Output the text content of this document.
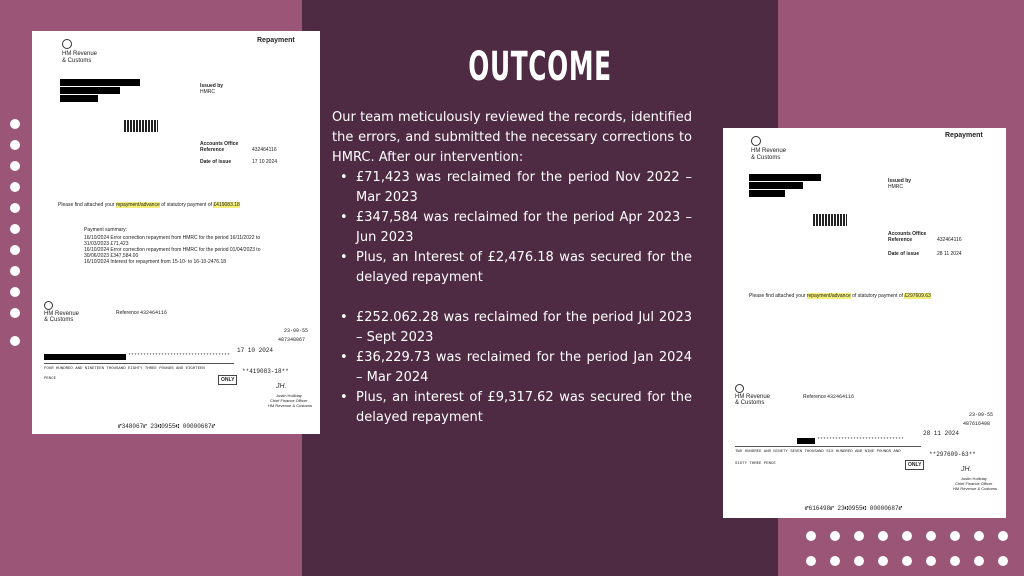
OUTCOME

Our team meticulously reviewed the records, identified the errors, and submitted the necessary corrections to HMRC. After our intervention:

• £71,423 was reclaimed for the period Nov 2022 – Mar 2023
• £347,584 was reclaimed for the period Apr 2023 – Jun 2023
• Plus, an Interest of £2,476.18 was secured for the delayed repayment
• £252.062.28 was reclaimed for the period Jul 2023 – Sept 2023
• £36,229.73 was reclaimed for the period Jan 2024 – Mar 2024
• Plus, an interest of £9,317.62 was secured for the delayed repayment
HM Revenue
& Customs
Repayment
Issued by
HMRC
Accounts Office
Reference	432464116
Date of issue	17 10 2024
Please find attached your repayment/advance of statutory payment of £419083.18
Payment summary:
16/10/2024 Error correction repayment from HMRC for the period 16/11/2022 to
31/03/2023 £71,423
16/10/2024 Error correction repayment from HMRC for the period 01/04/2023 to
30/06/2023 £347,584.00
16/10/2024 Interest for repayment from 15-10- to 16-10-2476.18
HM Revenue
& Customs
Reference 432464116
23-09-55
487348067
17 10 2024
**********************************
FOUR HUNDRED AND NINETEEN THOUSAND EIGHTY THREE POUNDS AND EIGHTEEN
PENCE	ONLY
**419083-18**
JH.
Justin Holliday
Chief Finance Officer
HM Revenue & Customs
⑈348067⑈ 23⑆0955⑆ 00000687⑈
HM Revenue
& Customs
Repayment
Issued by
HMRC
Accounts Office
Reference	432464116
Date of issue	28 11 2024
Please find attached your repayment/advance of statutory payment of £297609.63
HM Revenue
& Customs
Reference 432464116
23-09-55
487616498
28 11 2024
*****************************
TWO HUNDRED AND NINETY SEVEN THOUSAND SIX HUNDRED AND NINE POUNDS AND
SIXTY THREE PENCE	ONLY
**297609-63**
JH.
Justin Holliday
Chief Finance Officer
HM Revenue & Customs
⑈616498⑈ 23⑆0955⑆ 00000687⑈
